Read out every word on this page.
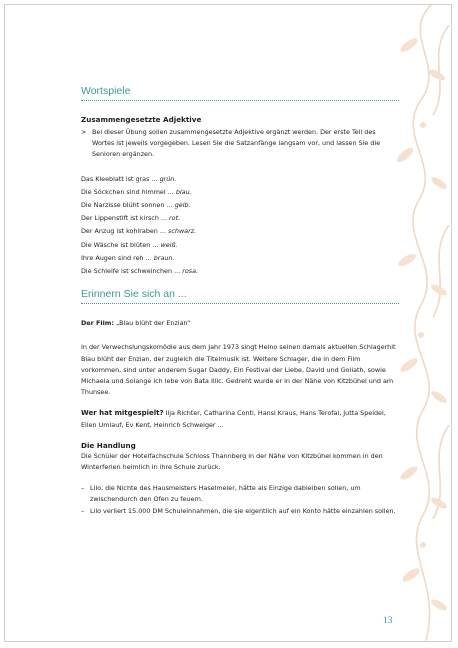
Wortspiele

Zusammengesetzte Adjektive

> Bei dieser Übung sollen zusammengesetzte Adjektive ergänzt werden. Der erste Teil des Wortes ist jeweils vorgegeben. Lesen Sie die Satzanfänge langsam vor, und lassen Sie die Senioren ergänzen.
Das Kleeblatt ist gras ... grün.
Die Söckchen sind himmel ... blau.
Die Narzisse blüht sonnen ... gelb.
Der Lippenstift ist kirsch ... rot.
Der Anzug ist kohlraben ... schwarz.
Die Wäsche ist blüten ... weiß.
Ihre Augen sind reh ... braun.
Die Schleife ist schweinchen ... rosa.
Erinnern Sie sich an ...

Der Film: „Blau blüht der Enzian“

In der Verwechslungskomödie aus dem Jahr 1973 singt Heino seinen damals aktuellen Schlagerhit Blau blüht der Enzian, der zugleich die Titelmusik ist. Weitere Schlager, die in dem Film vorkommen, sind unter anderem Sugar Daddy, Ein Festival der Liebe, David und Goliath, sowie Michaela und Solange ich lebe von Bata Illic. Gedreht wurde er in der Nähe von Kitzbühel und am Thunsee.

Wer hat mitgespielt? Ilja Richter, Catharina Conti, Hansi Kraus, Hans Terofal, Jutta Speidel, Ellen Umlauf, Ev Kent, Heinrich Schweiger ...

Die Handlung

Die Schüler der Hotelfachschule Schloss Thannberg in der Nähe von Kitzbühel kommen in den Winterferien heimlich in ihre Schule zurück.

– Lilo, die Nichte des Hausmeisters Haselmeier, hätte als Einzige dableiben sollen, um zwischendurch den Ofen zu feuern.
– Lilo verliert 15.000 DM Schuleinnahmen, die sie eigentlich auf ein Konto hätte einzahlen sollen.
13
